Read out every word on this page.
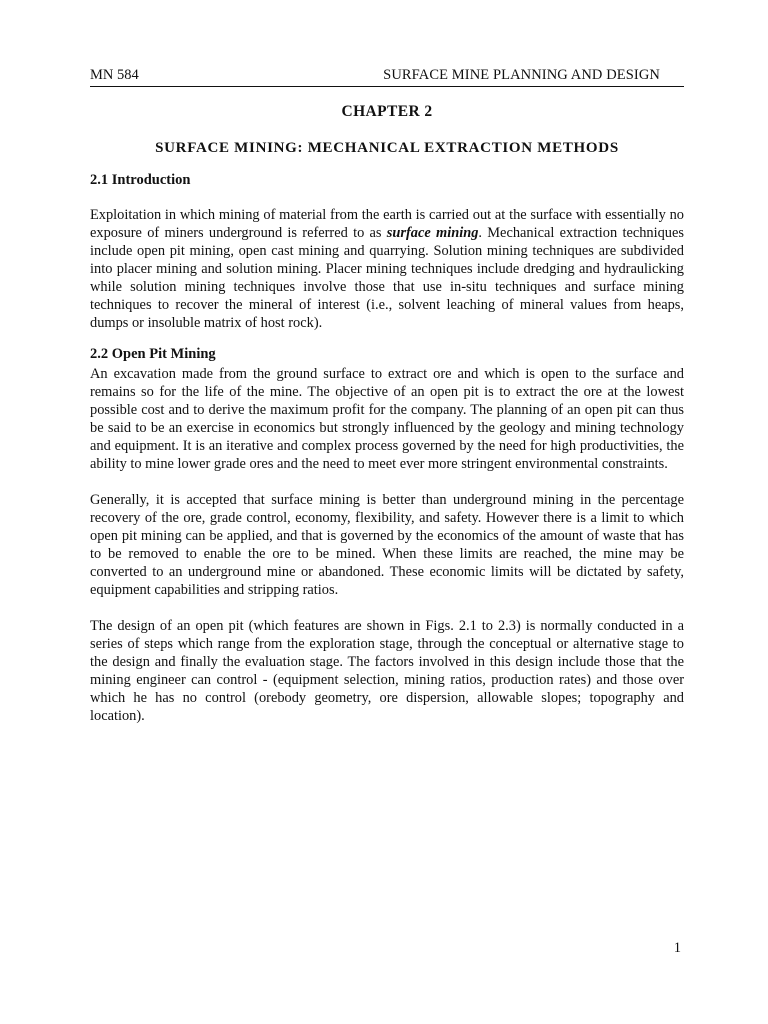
MN 584	SURFACE MINE PLANNING AND DESIGN
CHAPTER 2
SURFACE MINING: MECHANICAL EXTRACTION METHODS
2.1 Introduction

Exploitation in which mining of material from the earth is carried out at the surface with essentially no exposure of miners underground is referred to as surface mining. Mechanical extraction techniques include open pit mining, open cast mining and quarrying. Solution mining techniques are subdivided into placer mining and solution mining. Placer mining techniques include dredging and hydraulicking while solution mining techniques involve those that use in-situ techniques and surface mining techniques to recover the mineral of interest (i.e., solvent leaching of mineral values from heaps, dumps or insoluble matrix of host rock).

2.2 Open Pit Mining

An excavation made from the ground surface to extract ore and which is open to the surface and remains so for the life of the mine. The objective of an open pit is to extract the ore at the lowest possible cost and to derive the maximum profit for the company. The planning of an open pit can thus be said to be an exercise in economics but strongly influenced by the geology and mining technology and equipment. It is an iterative and complex process governed by the need for high productivities, the ability to mine lower grade ores and the need to meet ever more stringent environmental constraints.

Generally, it is accepted that surface mining is better than underground mining in the percentage recovery of the ore, grade control, economy, flexibility, and safety. However there is a limit to which open pit mining can be applied, and that is governed by the economics of the amount of waste that has to be removed to enable the ore to be mined. When these limits are reached, the mine may be converted to an underground mine or abandoned. These economic limits will be dictated by safety, equipment capabilities and stripping ratios.

The design of an open pit (which features are shown in Figs. 2.1 to 2.3) is normally conducted in a series of steps which range from the exploration stage, through the conceptual or alternative stage to the design and finally the evaluation stage. The factors involved in this design include those that the mining engineer can control - (equipment selection, mining ratios, production rates) and those over which he has no control (orebody geometry, ore dispersion, allowable slopes; topography and location).

1
